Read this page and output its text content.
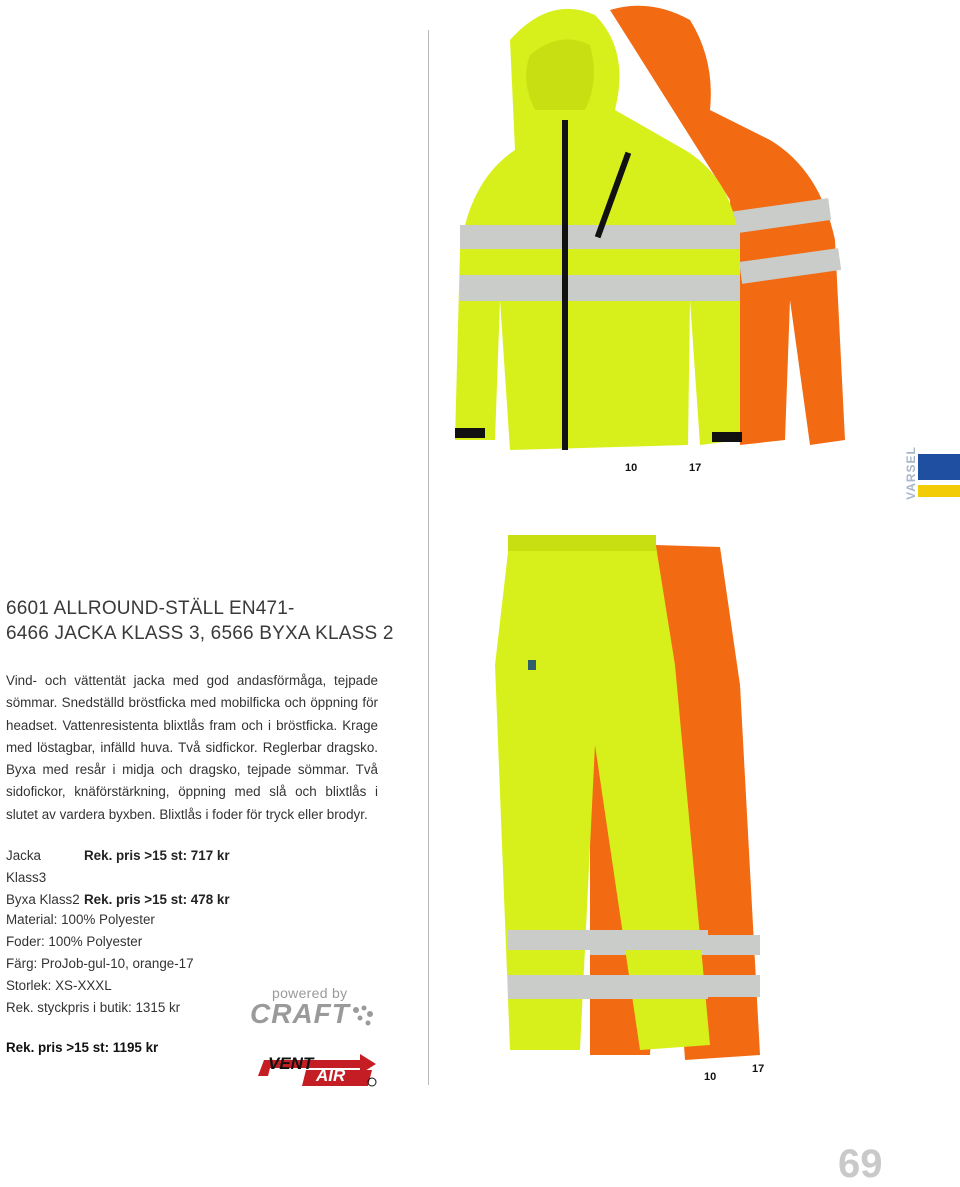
10	17	VARSEL
10
17
6601 ALLROUND-STÄLL EN471-
6466 JACKA KLASS 3, 6566 BYXA KLASS 2
Vind- och vättentät jacka med god andasförmåga, tejpade sömmar. Snedställd bröstficka med mobilficka och öppning för headset. Vattenresistenta blixtlås fram och i bröstficka. Krage med löstagbar, infälld huva. Två sidfickor. Reglerbar dragsko. Byxa med resår i midja och dragsko, tejpade sömmar. Två sidofickor, knäförstärkning, öppning med slå och blixtlås i slutet av vardera byxben. Blixtlås i foder för tryck eller brodyr.
Jacka Klass3
Rek. pris >15 st: 717 kr
Byxa Klass2 Rek. pris >15 st: 478 kr
Material: 100% Polyester
Foder: 100% Polyester
Färg: ProJob-gul-10, orange-17
Storlek: XS-XXXL
Rek. styckpris i butik: 1315 kr
Rek. pris >15 st: 1195 kr
powered by
CRAFT
VENT
AIR
69
